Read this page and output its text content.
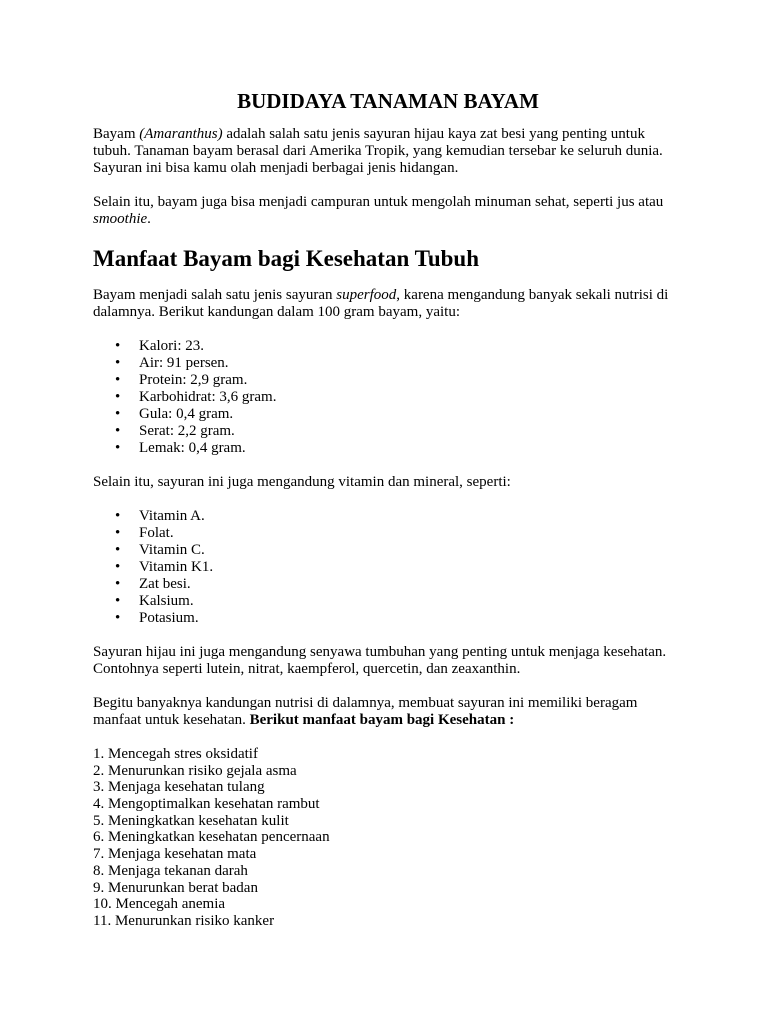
BUDIDAYA TANAMAN BAYAM

Bayam (Amaranthus) adalah salah satu jenis sayuran hijau kaya zat besi yang penting untuk tubuh. Tanaman bayam berasal dari Amerika Tropik, yang kemudian tersebar ke seluruh dunia. Sayuran ini bisa kamu olah menjadi berbagai jenis hidangan.

Selain itu, bayam juga bisa menjadi campuran untuk mengolah minuman sehat, seperti jus atau smoothie.

Manfaat Bayam bagi Kesehatan Tubuh

Bayam menjadi salah satu jenis sayuran superfood, karena mengandung banyak sekali nutrisi di dalamnya. Berikut kandungan dalam 100 gram bayam, yaitu:

• Kalori: 23.
• Air: 91 persen.
• Protein: 2,9 gram.
• Karbohidrat: 3,6 gram.
• Gula: 0,4 gram.
• Serat: 2,2 gram.
• Lemak: 0,4 gram.

Selain itu, sayuran ini juga mengandung vitamin dan mineral, seperti:

• Vitamin A.
• Folat.
• Vitamin C.
• Vitamin K1.
• Zat besi.
• Kalsium.
• Potasium.

Sayuran hijau ini juga mengandung senyawa tumbuhan yang penting untuk menjaga kesehatan. Contohnya seperti lutein, nitrat, kaempferol, quercetin, dan zeaxanthin.

Begitu banyaknya kandungan nutrisi di dalamnya, membuat sayuran ini memiliki beragam manfaat untuk kesehatan. Berikut manfaat bayam bagi Kesehatan :

1. Mencegah stres oksidatif
2. Menurunkan risiko gejala asma
3. Menjaga kesehatan tulang
4. Mengoptimalkan kesehatan rambut
5. Meningkatkan kesehatan kulit
6. Meningkatkan kesehatan pencernaan
7. Menjaga kesehatan mata
8. Menjaga tekanan darah
9. Menurunkan berat badan
10. Mencegah anemia
11. Menurunkan risiko kanker
